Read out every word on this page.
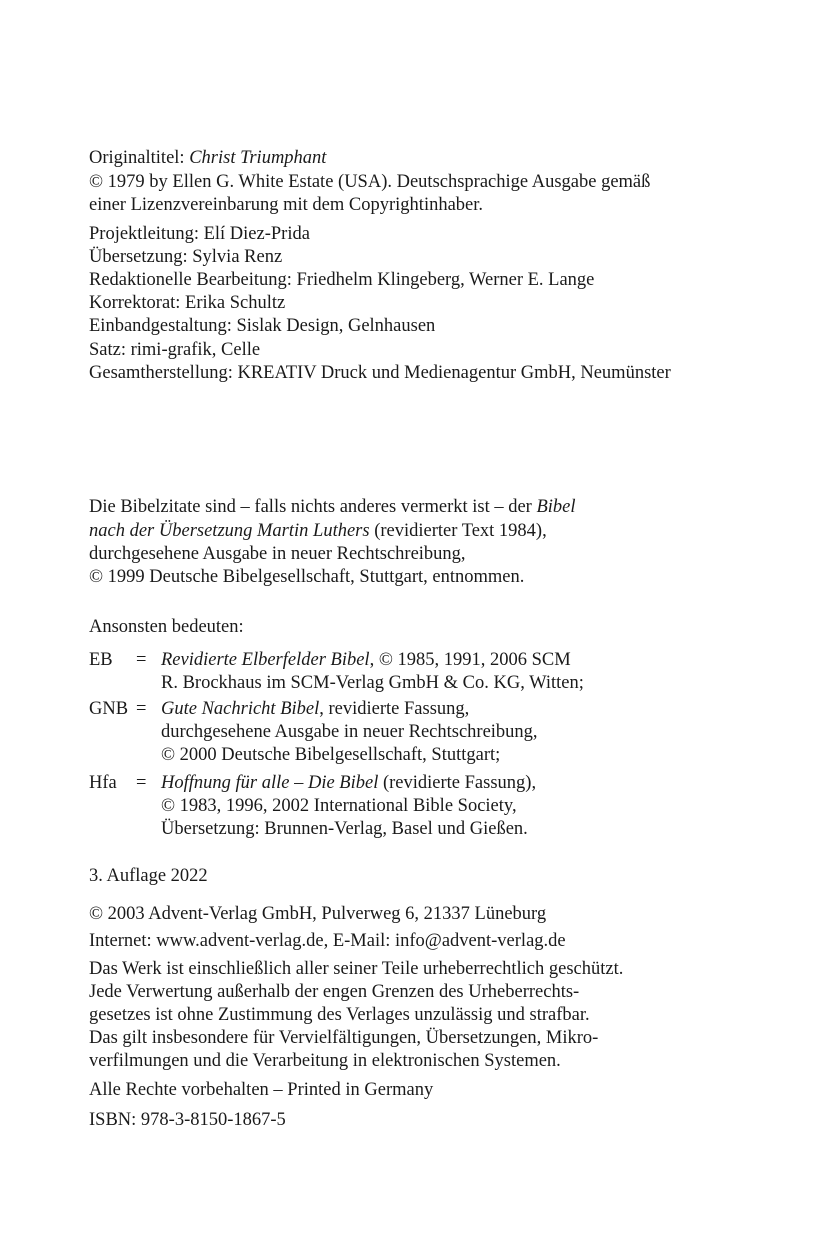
Originaltitel: Christ Triumphant
© 1979 by Ellen G. White Estate (USA). Deutschsprachige Ausgabe gemäß
einer Lizenzvereinbarung mit dem Copyrightinhaber.
Projektleitung: Elí Diez-Prida
Übersetzung: Sylvia Renz
Redaktionelle Bearbeitung: Friedhelm Klingeberg, Werner E. Lange
Korrektorat: Erika Schultz
Einbandgestaltung: Sislak Design, Gelnhausen
Satz: rimi-grafik, Celle
Gesamtherstellung: KREATIV Druck und Medienagentur GmbH, Neumünster
Die Bibelzitate sind – falls nichts anderes vermerkt ist – der Bibel
nach der Übersetzung Martin Luthers (revidierter Text 1984),
durchgesehene Ausgabe in neuer Rechtschreibung,
© 1999 Deutsche Bibelgesellschaft, Stuttgart, entnommen.
Ansonsten bedeuten:
EB = Revidierte Elberfelder Bibel, © 1985, 1991, 2006 SCM
R. Brockhaus im SCM-Verlag GmbH & Co. KG, Witten;
GNB = Gute Nachricht Bibel, revidierte Fassung,
durchgesehene Ausgabe in neuer Rechtschreibung,
© 2000 Deutsche Bibelgesellschaft, Stuttgart;
Hfa = Hoffnung für alle – Die Bibel (revidierte Fassung),
© 1983, 1996, 2002 International Bible Society,
Übersetzung: Brunnen-Verlag, Basel und Gießen.
3. Auflage 2022
© 2003 Advent-Verlag GmbH, Pulverweg 6, 21337 Lüneburg
Internet: www.advent-verlag.de, E-Mail: info@advent-verlag.de
Das Werk ist einschließlich aller seiner Teile urheberrechtlich geschützt.
Jede Verwertung außerhalb der engen Grenzen des Urheberrechts-
gesetzes ist ohne Zustimmung des Verlages unzulässig und strafbar.
Das gilt insbesondere für Vervielfältigungen, Übersetzungen, Mikro-
verfilmungen und die Verarbeitung in elektronischen Systemen.
Alle Rechte vorbehalten – Printed in Germany
ISBN: 978-3-8150-1867-5
